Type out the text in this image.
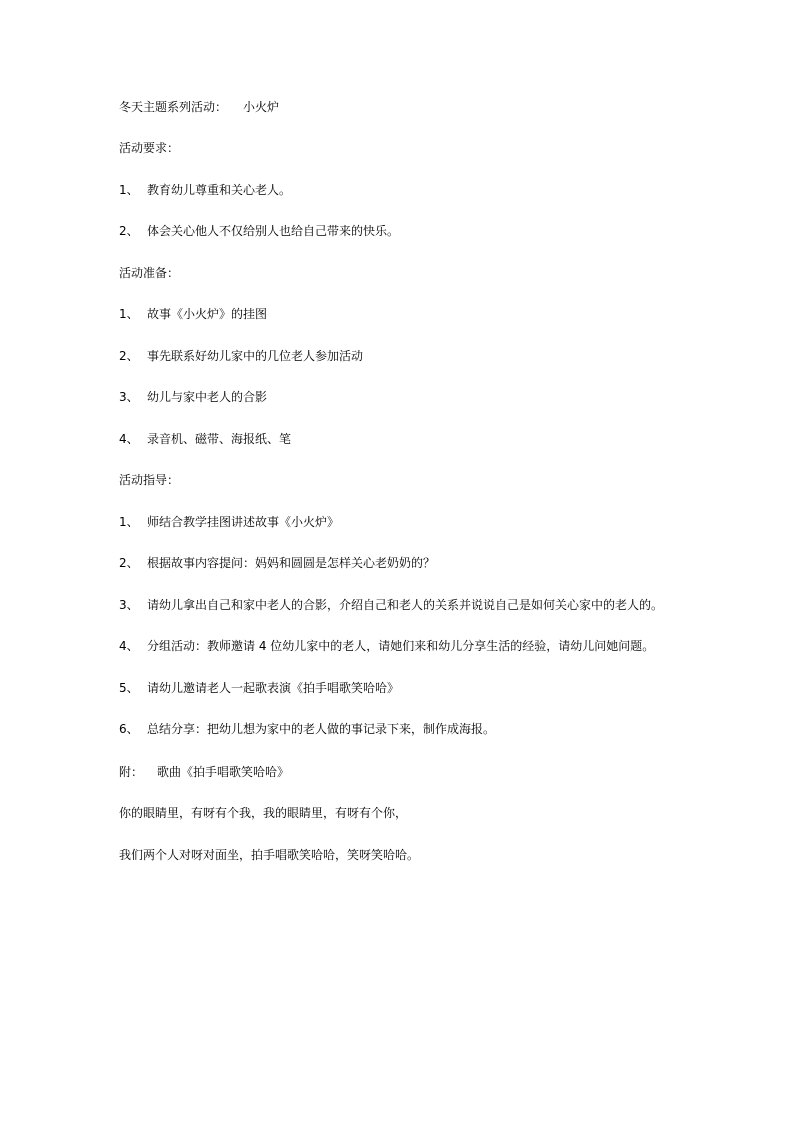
冬天主题系列活动： 小火炉
活动要求：
1、 教育幼儿尊重和关心老人。
2、 体会关心他人不仅给别人也给自己带来的快乐。
活动准备：
1、 故事《小火炉》的挂图
2、 事先联系好幼儿家中的几位老人参加活动
3、 幼儿与家中老人的合影
4、 录音机、磁带、海报纸、笔
活动指导：
1、 师结合教学挂图讲述故事《小火炉》
2、 根据故事内容提问：妈妈和圆圆是怎样关心老奶奶的？
3、 请幼儿拿出自己和家中老人的合影，介绍自己和老人的关系并说说自己是如何关心家中的老人的。
4、 分组活动：教师邀请 4 位幼儿家中的老人，请她们来和幼儿分享生活的经验，请幼儿问她问题。
5、 请幼儿邀请老人一起歌表演《拍手唱歌笑哈哈》
6、 总结分享：把幼儿想为家中的老人做的事记录下来，制作成海报。
附： 歌曲《拍手唱歌笑哈哈》
你的眼睛里，有呀有个我，我的眼睛里，有呀有个你，
我们两个人对呀对面坐，拍手唱歌笑哈哈，笑呀笑哈哈。
